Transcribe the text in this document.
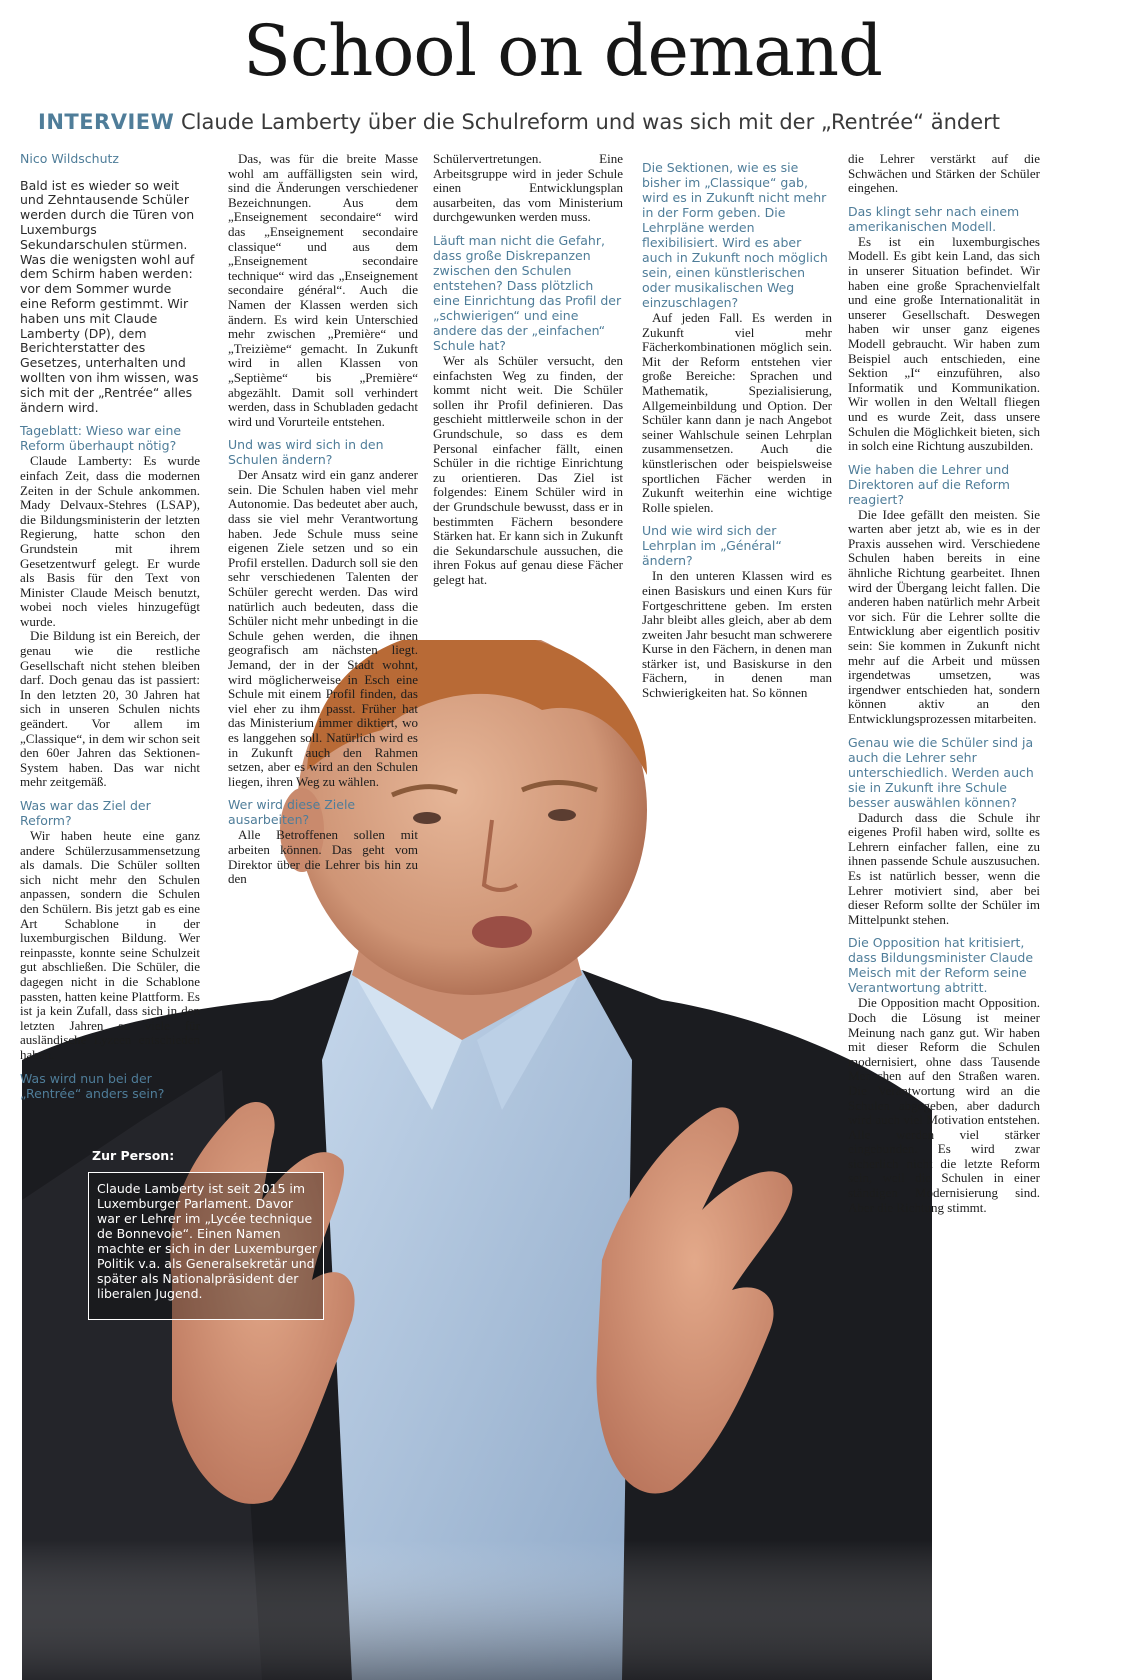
School on demand
INTERVIEW Claude Lamberty über die Schulreform und was sich mit der „Rentrée“ ändert
Nico Wildschutz
Bald ist es wieder so weit und Zehntausende Schüler werden durch die Türen von Luxemburgs Sekundarschulen stürmen. Was die wenigsten wohl auf dem Schirm haben werden: vor dem Sommer wurde eine Reform gestimmt. Wir haben uns mit Claude Lamberty (DP), dem Berichterstatter des Gesetzes, unterhalten und wollten von ihm wissen, was sich mit der „Rentrée“ alles ändern wird.
Tageblatt: Wieso war eine Reform überhaupt nötig?

Claude Lamberty: Es wurde einfach Zeit, dass die modernen Zeiten in der Schule ankommen. Mady Delvaux-Stehres (LSAP), die Bildungsministerin der letzten Regierung, hatte schon den Grundstein mit ihrem Gesetzentwurf gelegt. Er wurde als Basis für den Text von Minister Claude Meisch benutzt, wobei noch vieles hinzugefügt wurde.

Die Bildung ist ein Bereich, der genau wie die restliche Gesellschaft nicht stehen bleiben darf. Doch genau das ist passiert: In den letzten 20, 30 Jahren hat sich in unseren Schulen nichts geändert. Vor allem im „Classique“, in dem wir schon seit den 60er Jahren das Sektionen-System haben. Das war nicht mehr zeitgemäß.

Was war das Ziel der Reform?

Wir haben heute eine ganz andere Schülerzusammensetzung als damals. Die Schüler sollten sich nicht mehr den Schulen anpassen, sondern die Schulen den Schülern. Bis jetzt gab es eine Art Schablone in der luxemburgischen Bildung. Wer reinpasste, konnte seine Schulzeit gut abschließen. Die Schüler, die dagegen nicht in die Schablone passten, hatten keine Plattform. Es ist ja kein Zufall, dass sich in den letzten Jahren so viele für ausländische Lyzeen entschieden haben.

Was wird nun bei der „Rentrée“ anders sein?

Das, was für die breite Masse wohl am auffälligsten sein wird, sind die Änderungen verschiedener Bezeichnungen. Aus dem „Enseignement secondaire“ wird das „Enseignement secondaire classique“ und aus dem „Enseignement secondaire technique“ wird das „Enseignement secondaire général“. Auch die Namen der Klassen werden sich ändern. Es wird kein Unterschied mehr zwischen „Première“ und „Treizième“ gemacht. In Zukunft wird in allen Klassen von „Septième“ bis „Première“ abgezählt. Damit soll verhindert werden, dass in Schubladen gedacht wird und Vorurteile entstehen.

Und was wird sich in den Schulen ändern?

Der Ansatz wird ein ganz anderer sein. Die Schulen haben viel mehr Autonomie. Das bedeutet aber auch, dass sie viel mehr Verantwortung haben. Jede Schule muss seine eigenen Ziele setzen und so ein Profil erstellen. Dadurch soll sie den sehr verschiedenen Talenten der Schüler gerecht werden. Das wird natürlich auch bedeuten, dass die Schüler nicht mehr unbedingt in die Schule gehen werden, die ihnen geografisch am nächsten liegt. Jemand, der in der Stadt wohnt, wird möglicherweise in Esch eine Schule mit einem Profil finden, das viel eher zu ihm passt. Früher hat das Ministerium immer diktiert, wo es langgehen soll. Natürlich wird es in Zukunft auch den Rahmen setzen, aber es wird an den Schulen liegen, ihren Weg zu wählen.

Wer wird diese Ziele ausarbeiten?

Alle Betroffenen sollen mit arbeiten können. Das geht vom Direktor über die Lehrer bis hin zu den

Schülervertretungen. Eine Arbeitsgruppe wird in jeder Schule einen Entwicklungsplan ausarbeiten, das vom Ministerium durchgewunken werden muss.

Läuft man nicht die Gefahr, dass große Diskrepanzen zwischen den Schulen entstehen? Dass plötzlich eine Einrichtung das Profil der „schwierigen“ und eine andere das der „einfachen“ Schule hat?

Wer als Schüler versucht, den einfachsten Weg zu finden, der kommt nicht weit. Die Schüler sollen ihr Profil definieren. Das geschieht mittlerweile schon in der Grundschule, so dass es dem Personal einfacher fällt, einen Schüler in die richtige Einrichtung zu orientieren. Das Ziel ist folgendes: Einem Schüler wird in der Grundschule bewusst, dass er in bestimmten Fächern besondere Stärken hat. Er kann sich in Zukunft die Sekundarschule aussuchen, die ihren Fokus auf genau diese Fächer gelegt hat.

Die Sektionen, wie es sie bisher im „Classique“ gab, wird es in Zukunft nicht mehr in der Form geben. Die Lehrpläne werden flexibilisiert. Wird es aber auch in Zukunft noch möglich sein, einen künstlerischen oder musikalischen Weg einzuschlagen?

Auf jeden Fall. Es werden in Zukunft viel mehr Fächerkombinationen möglich sein. Mit der Reform entstehen vier große Bereiche: Sprachen und Mathematik, Spezialisierung, Allgemeinbildung und Option. Der Schüler kann dann je nach Angebot seiner Wahlschule seinen Lehrplan zusammensetzen. Auch die künstlerischen oder beispielsweise sportlichen Fächer werden in Zukunft weiterhin eine wichtige Rolle spielen.

Und wie wird sich der Lehrplan im „Général“ ändern?

In den unteren Klassen wird es einen Basiskurs und einen Kurs für Fortgeschrittene geben. Im ersten Jahr bleibt alles gleich, aber ab dem zweiten Jahr besucht man schwerere Kurse in den Fächern, in denen man stärker ist, und Basiskurse in den Fächern, in denen man Schwierigkeiten hat. So können

die Lehrer verstärkt auf die Schwächen und Stärken der Schüler eingehen.

Das klingt sehr nach einem amerikanischen Modell.

Es ist ein luxemburgisches Modell. Es gibt kein Land, das sich in unserer Situation befindet. Wir haben eine große Sprachenvielfalt und eine große Internationalität in unserer Gesellschaft. Deswegen haben wir unser ganz eigenes Modell gebraucht. Wir haben zum Beispiel auch entschieden, eine Sektion „I“ einzuführen, also Informatik und Kommunikation. Wir wollen in den Weltall fliegen und es wurde Zeit, dass unsere Schulen die Möglichkeit bieten, sich in solch eine Richtung auszubilden.

Wie haben die Lehrer und Direktoren auf die Reform reagiert?

Die Idee gefällt den meisten. Sie warten aber jetzt ab, wie es in der Praxis aussehen wird. Verschiedene Schulen haben bereits in eine ähnliche Richtung gearbeitet. Ihnen wird der Übergang leicht fallen. Die anderen haben natürlich mehr Arbeit vor sich. Für die Lehrer sollte die Entwicklung aber eigentlich positiv sein: Sie kommen in Zukunft nicht mehr auf die Arbeit und müssen irgendetwas umsetzen, was irgendwer entschieden hat, sondern können aktiv an den Entwicklungsprozessen mitarbeiten.

Genau wie die Schüler sind ja auch die Lehrer sehr unterschiedlich. Werden auch sie in Zukunft ihre Schule besser auswählen können?

Dadurch dass die Schule ihr eigenes Profil haben wird, sollte es Lehrern einfacher fallen, eine zu ihnen passende Schule auszusuchen. Es ist natürlich besser, wenn die Lehrer motiviert sind, aber bei dieser Reform sollte der Schüler im Mittelpunkt stehen.

Die Opposition hat kritisiert, dass Bildungsminister Claude Meisch mit der Reform seine Verantwortung abtritt.

Die Opposition macht Opposition. Doch die Lösung ist meiner Meinung nach ganz gut. Wir haben mit dieser Reform die Schulen modernisiert, ohne dass Tausende Menschen auf den Straßen waren. Die Verantwortung wird an die Schulen abgegeben, aber dadurch wird auch viel Motivation entstehen. Alle werden viel stärker eingebunden. Es wird zwar sicherlich nicht die letzte Reform sein, weil die Schulen in einer ständigen Modernisierung sind. Aber die Richtung stimmt.

Zur Person:
Claude Lamberty ist seit 2015 im Luxemburger Parlament. Davor war er Lehrer im „Lycée technique de Bonnevoie“. Einen Namen machte er sich in der Luxemburger Politik v.a. als Generalsekretär und später als Nationalpräsident der liberalen Jugend.
